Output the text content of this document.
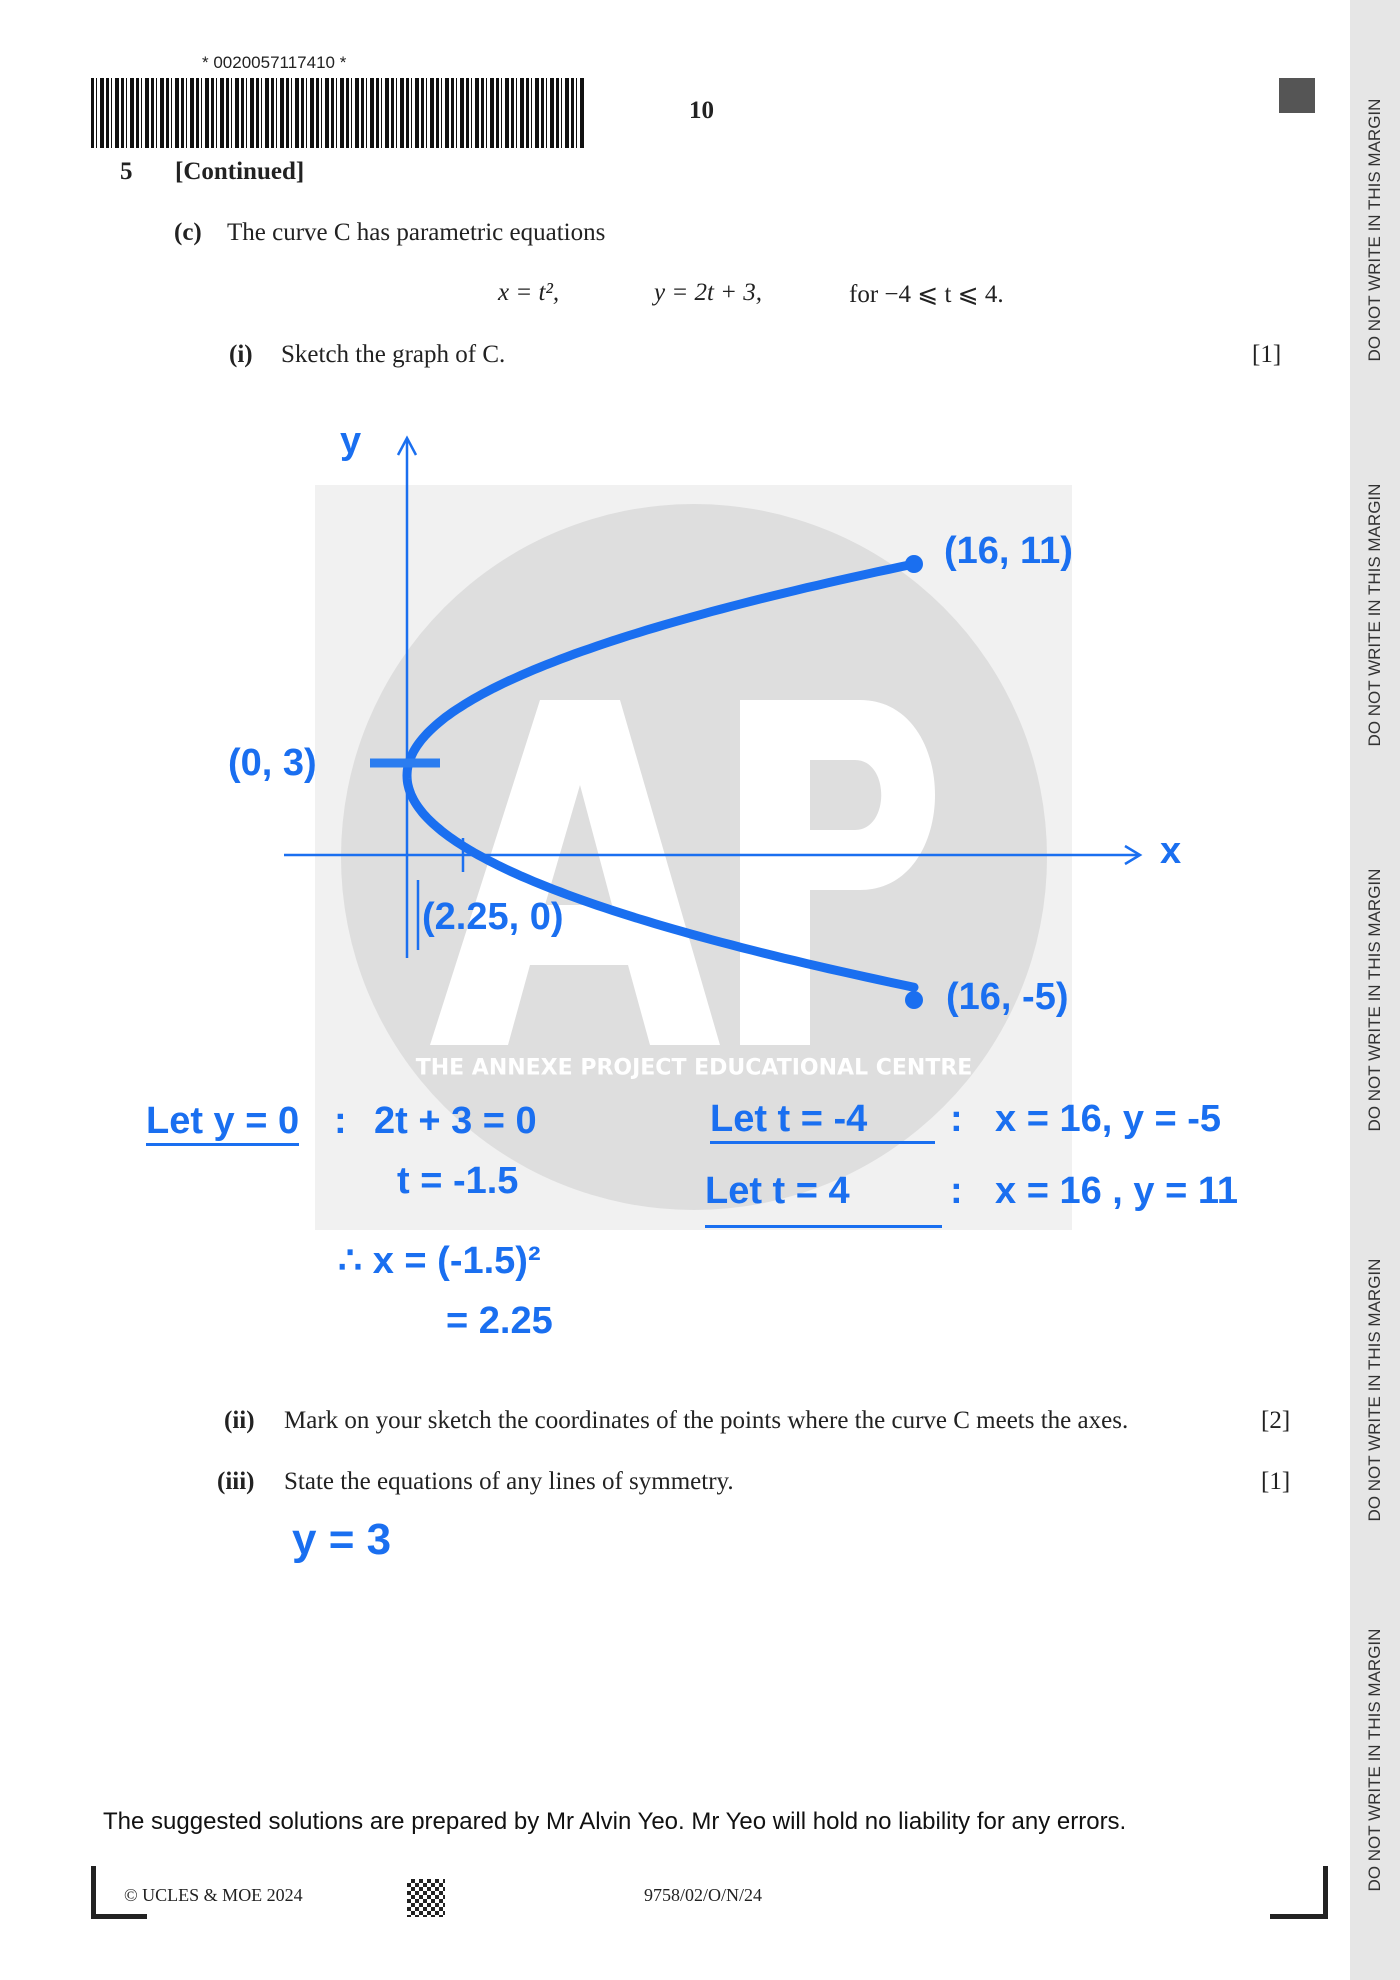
DO NOT WRITE IN THIS MARGIN
DO NOT WRITE IN THIS MARGIN
DO NOT WRITE IN THIS MARGIN
DO NOT WRITE IN THIS MARGIN
DO NOT WRITE IN THIS MARGIN
* 0020057117410 *
10
5 [Continued]
(c) The curve C has parametric equations
x = t²,	y = 2t + 3,	for −4 ⩽ t ⩽ 4.
(i) Sketch the graph of C.	[1]
THE ANNEXE PROJECT EDUCATIONAL CENTRE
y
x
(16, 11)
(0, 3)
(2.25, 0)
(16, -5)
Let y = 0 : 2t + 3 = 0
t = -1.5
∴ x = (-1.5)²
= 2.25
Let t = -4	: x = 16, y = -5
Let t = 4	: x = 16 , y = 11
(ii) Mark on your sketch the coordinates of the points where the curve C meets the axes.	[2]
(iii) State the equations of any lines of symmetry.	[1]
y = 3
The suggested solutions are prepared by Mr Alvin Yeo. Mr Yeo will hold no liability for any errors.
© UCLES & MOE 2024	9758/02/O/N/24
